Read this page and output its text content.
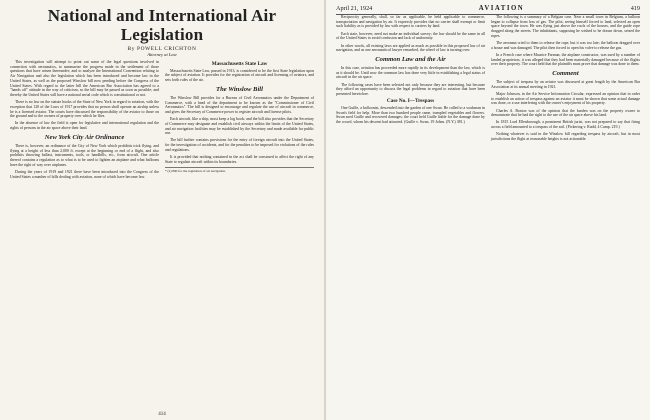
National and International Air Legislation
By POWELL CRICHTON
Attorney at Law

This investigation will attempt to point out some of the legal questions involved in connection with aeronautics, to summarize the progress made in the settlement of those questions that have arisen thereunder; and to analyze the International Convention relating to Air Navigation and also the legislation which has been introduced and become law in the United States, as well as the proposed Winslow bill now pending before the Congress of the United States. With regard to the latter bill the American Bar Association has agreed to a "hands off" attitude in the way of criticism, so the bill may be passed as soon as possible; and thereby the United States will have a national aerial code which is constitutional or not.

There is no law on the statute books of the State of New York in regard to aviation, with the exception that 120 of the Laws of 1917 provides that no person shall operate an airship unless he is a licensed aviator. The courts have discussed the responsibility of the aviator to those on the ground and to the owners of property over which he flies.

In the absence of law the field is open for legislative and international regulation and the rights of persons in the air space above their land.

New York City Air Ordinance

There is, however, an ordinance of the City of New York which prohibits trick flying, and flying at a height of less than 2,000 ft. except at the beginning or end of a flight, and also prohibits throwing ballast, instruments, tools, or handbills, etc., from aircraft. One article thereof contains a regulation as to what is to be used to lighten an airplane and what balloons have the right of way over airplanes.

During the years of 1919 and 1921 there have been introduced into the Congress of the United States a number of bills dealing with aviation, none of which have become law.

Massachusetts State Law

Massachusetts State Law, passed in 1913, is considered to be the first State legislation upon the subject of aviation. It provides for the registration of aircraft and licensing of aviators, and sets forth rules of the air.

The Winslow Bill

The Winslow Bill provides for a Bureau of Civil Aeronautics under the Department of Commerce, with a head of the department to be known as the "Commissioner of Civil Aeronautics". The bill is designed to encourage and regulate the use of aircraft in commerce, and gives the Secretary of Commerce power to register aircraft and license pilots.

Each aircraft, like a ship, must keep a log book; and the bill also provides that the Secretary of Commerce may designate and establish civil airways within the limits of the United States, and air navigation facilities may be established by the Secretary and made available for public use.

The bill further contains provisions for the entry of foreign aircraft into the United States, for the investigation of accidents, and for the penalties to be imposed for violations of the rules and regulations.

It is provided that nothing contained in the act shall be construed to affect the right of any State to regulate aircraft within its boundaries.

* (2) Bill for the regulation of air navigation.
414
April 21, 1924	AVIATION	419

Reciprocity generally, shall, so far as applicable, be held applicable to commerce, transportation and navigation by air. It expressly provides that no carrier shall exempt or limit such liability as is provided by law with respect to carriers by land.

Each state, however, need not make an individual survey; the law should be the same in all of the United States to avoid confusion and lack of uniformity.

In other words, all existing laws are applied as much as possible in this proposed law of air navigation, and as one aeronautical lawyer remarked, the wheel of law is turning over.

Common Law and the Air

In this case, aviation has proceeded more rapidly in its development than the law, which is as it should be. Until now the common law has done very little in establishing a legal status of aircraft in the air space.

The following cases have been selected not only because they are interesting, but because they afford an opportunity to discuss the legal problems in regard to aviation that have been presented heretofore.

Case No. I—Trespass

One Guille, a balloonist, descended into the garden of one Swan. He called to a workman in Swan's field for help. More than two hundred people came, trampled vegetables and flowers. Swan sued Guille and recovered damages; the court held Guille liable for the damage done by the crowd, whom his descent had attracted. (Guille v. Swan, 19 Johns. (N.Y.) 381.)

The following is a summary of a Belgian case. Near a small town in Belgium, a balloon began to collapse from loss of gas. The pilot, seeing himself forced to land, selected an open space beyond the town. He was flying just above the roofs of the houses, and the guide rope dragged along the streets. The inhabitants, supposing he wished to be drawn down, seized the ropes.

The aeronaut cried to them to release the rope, but it was too late; the balloon dragged over a house and was damaged. The pilot then forced to open his valve to release the gas.

In a French case where Maurice Farman, the airplane constructor, was sued by a number of landed proprietors, it was alleged that they had been materially damaged because of the flights over their property. The court held that the plaintiffs must prove that damage was done to them.

Comment

The subject of trespass by an aviator was discussed at great length by the American Bar Association at its annual meeting in 1921.

Major Johnson, in the Air Service Information Circular, expressed an opinion that in order to establish an action of trespass against an aviator it must be shown that some actual damage was done, or a use interfering with the owner's enjoyment of his property.

Charles A. Boston was of the opinion that the burden was on the property owner to demonstrate that he had the right to the use of the air space above his land.

In 1815 Lord Ellenborough, a prominent British jurist, was not prepared to say that firing across a field amounted to a trespass of the soil. (Pickering v. Rudd, 4 Camp. 219.)

Nothing whatever is said in the Winslow bill regarding trespass by aircraft, but in most jurisdictions the flight at reasonable heights is not actionable.
